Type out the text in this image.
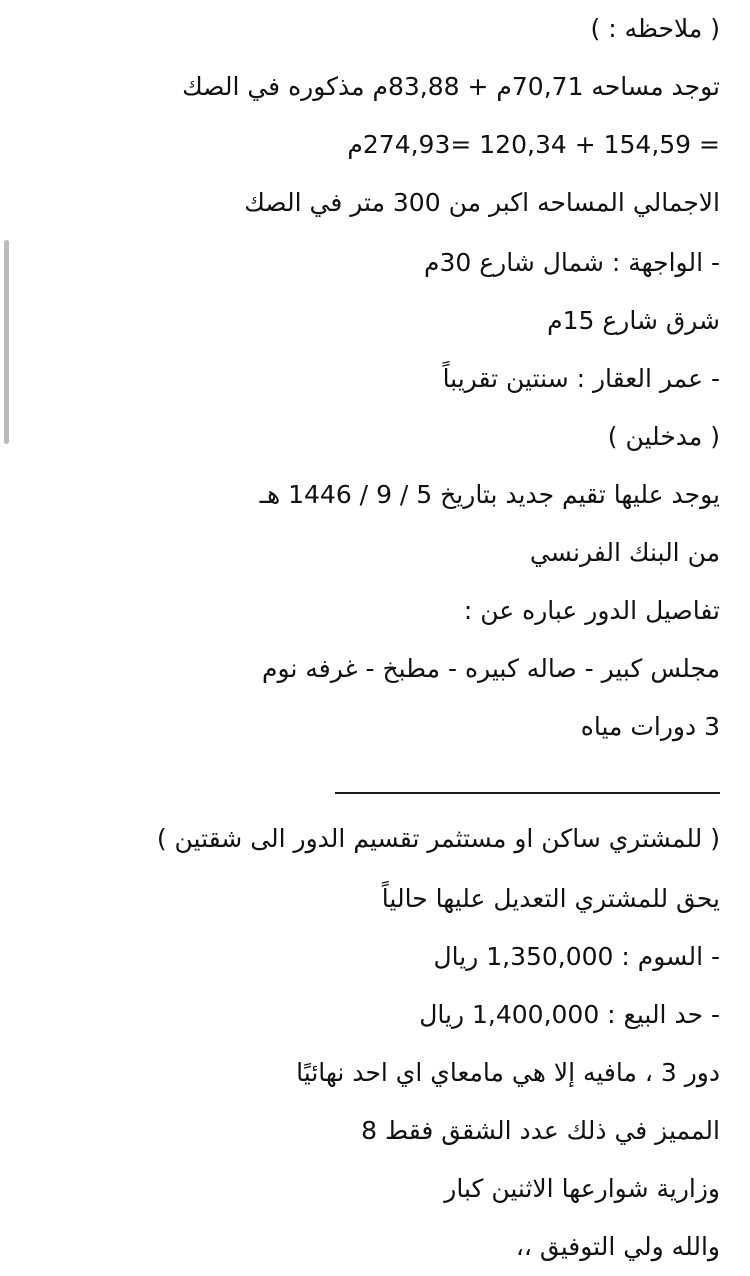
( ملاحظه : )
توجد مساحه 70,71م + 83,88م مذكوره في الصك
= 154,59 + 120,34 =274,93م
الاجمالي المساحه اكبر من 300 متر في الصك
- الواجهة : شمال شارع 30م
شرق شارع 15م
- عمر العقار : سنتين تقريباً
( مدخلين )
يوجد عليها تقيم جديد بتاريخ 5 / 9 / 1446 هـ
من البنك الفرنسي
تفاصيل الدور عباره عن :
مجلس كبير - صاله كبيره - مطبخ - غرفه نوم
3 دورات مياه
( للمشتري ساكن او مستثمر تقسيم الدور الى شقتين )
يحق للمشتري التعديل عليها حالياً
- السوم : 1,350,000 ريال
- حد البيع : 1,400,000 ريال
دور 3 ، مافيه إلا هي مامعاي اي احد نهائيًا
المميز في ذلك عدد الشقق فقط 8
وزارية شوارعها الاثنين كبار
والله ولي التوفيق ،،
